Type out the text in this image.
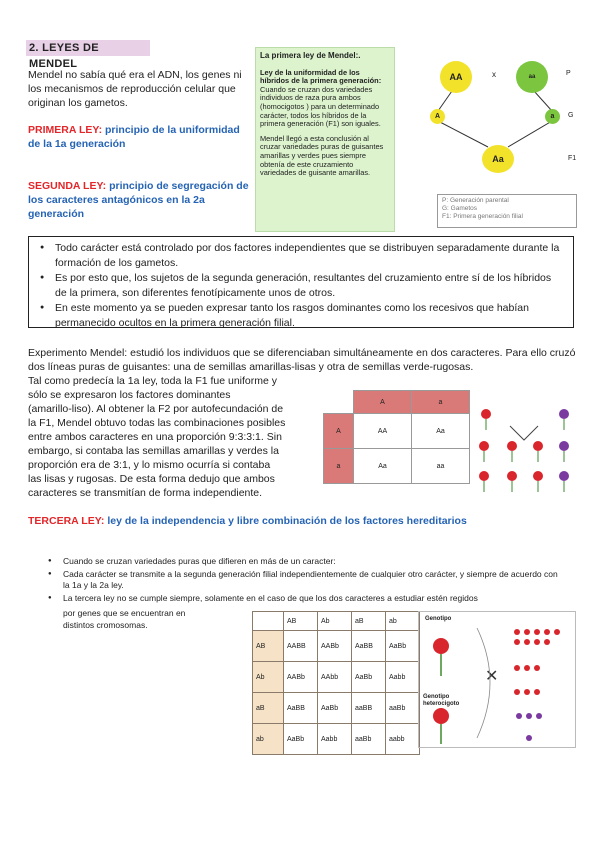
2. LEYES DE MENDEL
Mendel no sabía qué era el ADN, los genes ni los mecanismos de reproducción celular que originan los gametos.
PRIMERA LEY: principio de la uniformidad de la 1a generación
SEGUNDA LEY: principio de segregación de los caracteres antagónicos en la 2a generación

La primera ley de Mendel:.

Ley de la uniformidad de los híbridos de la primera generación: Cuando se cruzan dos variedades individuos de raza pura ambos (homocigotos ) para un determinado carácter, todos los híbridos de la primera generación (F1) son iguales.

Mendel llegó a esta conclusión al cruzar variedades puras de guisantes amarillas y verdes pues siempre obtenía de este cruzamiento variedades de guisante amarillas.

AA	x	aa	P
A	a	G
Aa	F1
P: Generación parental
G: Gametos
F1: Primera generación filial
● Todo carácter está controlado por dos factores independientes que se distribuyen separadamente durante la formación de los gametos.
● Es por esto que, los sujetos de la segunda generación, resultantes del cruzamiento entre sí de los híbridos de la primera, son diferentes fenotípicamente unos de otros.
● En este momento ya se pueden expresar tanto los rasgos dominantes como los recesivos que habían permanecido ocultos en la primera generación filial.
Experimento Mendel: estudió los individuos que se diferenciaban simultáneamente en dos caracteres. Para ello cruzó dos líneas puras de guisantes: una de semillas amarillas-lisas y otra de semillas verde-rugosas.
Tal como predecía la 1a ley, toda la F1 fue uniforme y
sólo se expresaron los factores dominantes
(amarillo-liso). Al obtener la F2 por autofecundación de
la F1, Mendel obtuvo todas las combinaciones posibles
entre ambos caracteres en una proporción 9:3:3:1. Sin
embargo, si contaba las semillas amarillas y verdes la
proporción era de 3:1, y lo mismo ocurría si contaba
las lisas y rugosas. De esta forma dedujo que ambos
caracteres se transmitían de forma independiente.
	A	a
A	AA	Aa
a	Aa	aa
TERCERA LEY: ley de la independencia y libre combinación de los factores hereditarios
● Cuando se cruzan variedades puras que difieren en más de un caracter:
● Cada carácter se transmite a la segunda generación filial independientemente de cualquier otro carácter, y siempre de acuerdo con la 1a y la 2a ley.
● La tercera ley no se cumple siempre, solamente en el caso de que los dos caracteres a estudiar estén regidos
por genes que se encuentran en
distintos cromosomas.
		AB	Ab	aB	ab
AB	AABB	AABb	AaBB	AaBb
Ab	AABb	AAbb	AaBb	Aabb
aB	AaBB	AaBb	aaBB	aaBb
ab	AaBb	Aabb	aaBb	aabb
Genotipo
Genotipo heterocigoto
✕
